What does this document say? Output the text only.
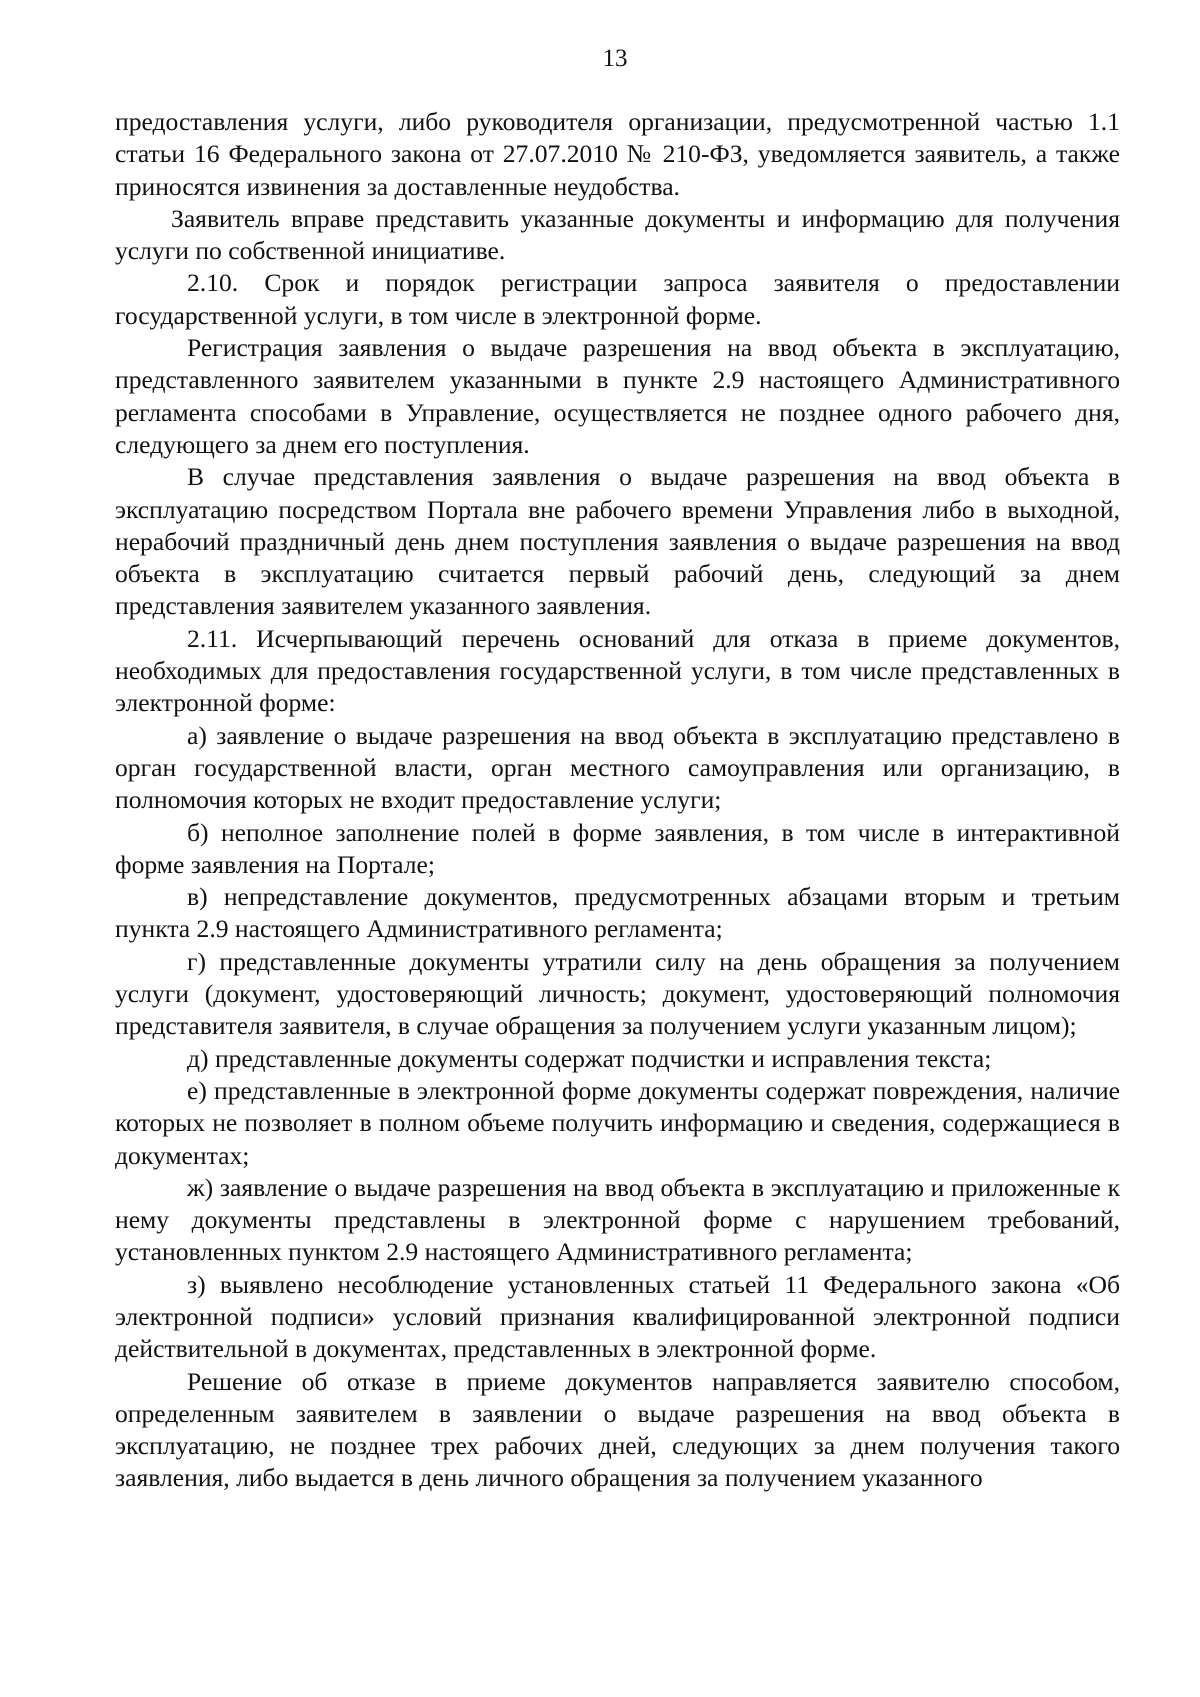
13

предоставления услуги, либо руководителя организации, предусмотренной частью 1.1 статьи 16 Федерального закона от 27.07.2010 № 210-ФЗ, уведомляется заявитель, а также приносятся извинения за доставленные неудобства.

Заявитель вправе представить указанные документы и информацию для получения услуги по собственной инициативе.

2.10. Срок и порядок регистрации запроса заявителя о предоставлении государственной услуги, в том числе в электронной форме.

Регистрация заявления о выдаче разрешения на ввод объекта в эксплуатацию, представленного заявителем указанными в пункте 2.9 настоящего Административного регламента способами в Управление, осуществляется не позднее одного рабочего дня, следующего за днем его поступления.

В случае представления заявления о выдаче разрешения на ввод объекта в эксплуатацию посредством Портала вне рабочего времени Управления либо в выходной, нерабочий праздничный день днем поступления заявления о выдаче разрешения на ввод объекта в эксплуатацию считается первый рабочий день, следующий за днем представления заявителем указанного заявления.

2.11. Исчерпывающий перечень оснований для отказа в приеме документов, необходимых для предоставления государственной услуги, в том числе представленных в электронной форме:

а) заявление о выдаче разрешения на ввод объекта в эксплуатацию представлено в орган государственной власти, орган местного самоуправления или организацию, в полномочия которых не входит предоставление услуги;

б) неполное заполнение полей в форме заявления, в том числе в интерактивной форме заявления на Портале;

в) непредставление документов, предусмотренных абзацами вторым и третьим пункта 2.9 настоящего Административного регламента;

г) представленные документы утратили силу на день обращения за получением услуги (документ, удостоверяющий личность; документ, удостоверяющий полномочия представителя заявителя, в случае обращения за получением услуги указанным лицом);

д) представленные документы содержат подчистки и исправления текста;

е) представленные в электронной форме документы содержат повреждения, наличие которых не позволяет в полном объеме получить информацию и сведения, содержащиеся в документах;

ж) заявление о выдаче разрешения на ввод объекта в эксплуатацию и приложенные к нему документы представлены в электронной форме с нарушением требований, установленных пунктом 2.9 настоящего Административного регламента;

з) выявлено несоблюдение установленных статьей 11 Федерального закона «Об электронной подписи» условий признания квалифицированной электронной подписи действительной в документах, представленных в электронной форме.

Решение об отказе в приеме документов направляется заявителю способом, определенным заявителем в заявлении о выдаче разрешения на ввод объекта в эксплуатацию, не позднее трех рабочих дней, следующих за днем получения такого заявления, либо выдается в день личного обращения за получением указанного
